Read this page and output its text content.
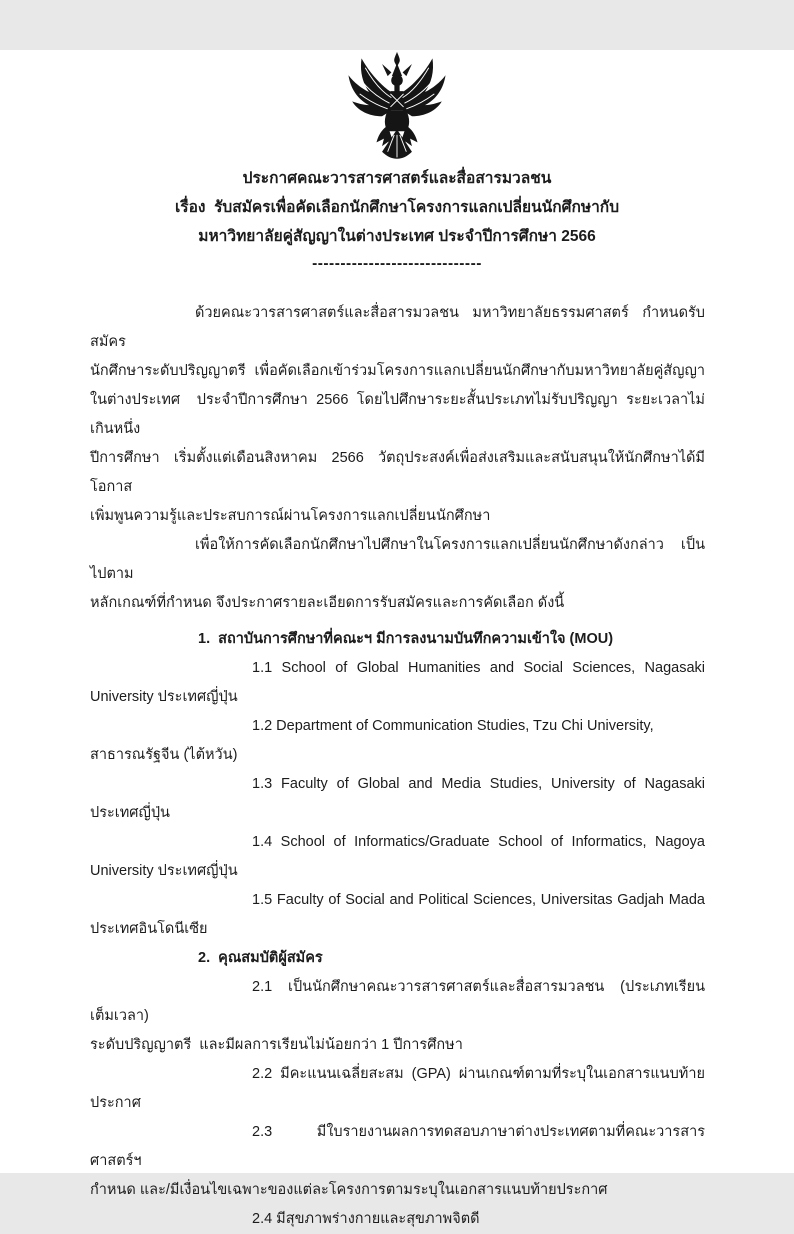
ประกาศคณะวารสารศาสตร์และสื่อสารมวลชน
เรื่อง  รับสมัครเพื่อคัดเลือกนักศึกษาโครงการแลกเปลี่ยนนักศึกษากับ
มหาวิทยาลัยคู่สัญญาในต่างประเทศ ประจำปีการศึกษา 2566
------------------------------
ด้วยคณะวารสารศาสตร์และสื่อสารมวลชน มหาวิทยาลัยธรรมศาสตร์ กำหนดรับสมัคร
นักศึกษาระดับปริญญาตรี เพื่อคัดเลือกเข้าร่วมโครงการแลกเปลี่ยนนักศึกษากับมหาวิทยาลัยคู่สัญญา
ในต่างประเทศ  ประจำปีการศึกษา 2566 โดยไปศึกษาระยะสั้นประเภทไม่รับปริญญา ระยะเวลาไม่เกินหนึ่ง
ปีการศึกษา เริ่มตั้งแต่เดือนสิงหาคม 2566 วัตถุประสงค์เพื่อส่งเสริมและสนับสนุนให้นักศึกษาได้มีโอกาส
เพิ่มพูนความรู้และประสบการณ์ผ่านโครงการแลกเปลี่ยนนักศึกษา
เพื่อให้การคัดเลือกนักศึกษาไปศึกษาในโครงการแลกเปลี่ยนนักศึกษาดังกล่าว เป็นไปตาม
หลักเกณฑ์ที่กำหนด จึงประกาศรายละเอียดการรับสมัครและการคัดเลือก ดังนี้
1.  สถาบันการศึกษาที่คณะฯ มีการลงนามบันทึกความเข้าใจ (MOU)
1.1 School of Global Humanities and Social Sciences, Nagasaki
University ประเทศญี่ปุ่น
1.2 Department of Communication Studies, Tzu Chi University,
สาธารณรัฐจีน (ไต้หวัน)
1.3 Faculty of Global and Media Studies, University of Nagasaki
ประเทศญี่ปุ่น
1.4 School of Informatics/Graduate School of Informatics, Nagoya
University ประเทศญี่ปุ่น
1.5 Faculty of Social and Political Sciences, Universitas Gadjah Mada
ประเทศอินโดนีเซีย
2.  คุณสมบัติผู้สมัคร
2.1 เป็นนักศึกษาคณะวารสารศาสตร์และสื่อสารมวลชน (ประเภทเรียนเต็มเวลา)
ระดับปริญญาตรี  และมีผลการเรียนไม่น้อยกว่า 1 ปีการศึกษา
2.2 มีคะแนนเฉลี่ยสะสม (GPA) ผ่านเกณฑ์ตามที่ระบุในเอกสารแนบท้ายประกาศ
2.3 มีใบรายงานผลการทดสอบภาษาต่างประเทศตามที่คณะวารสารศาสตร์ฯ
กำหนด และ/มีเงื่อนไขเฉพาะของแต่ละโครงการตามระบุในเอกสารแนบท้ายประกาศ
2.4 มีสุขภาพร่างกายและสุขภาพจิตดี
